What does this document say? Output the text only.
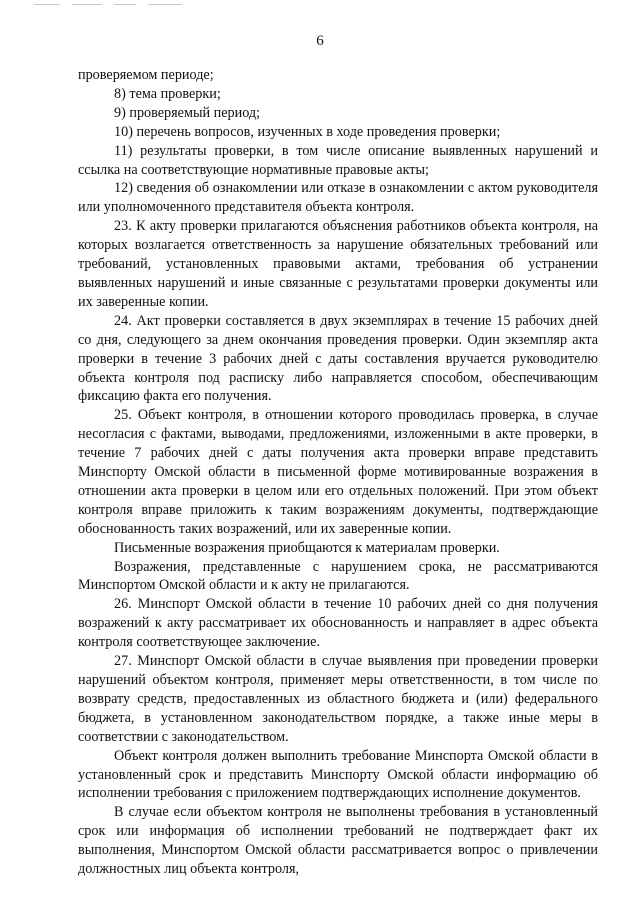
6

проверяемом периоде;

8) тема проверки;

9) проверяемый период;

10) перечень вопросов, изученных в ходе проведения проверки;

11) результаты проверки, в том числе описание выявленных нарушений и ссылка на соответствующие нормативные правовые акты;

12) сведения об ознакомлении или отказе в ознакомлении с актом руководителя или уполномоченного представителя объекта контроля.

23. К акту проверки прилагаются объяснения работников объекта контроля, на которых возлагается ответственность за нарушение обязательных требований или требований, установленных правовыми актами, требования об устранении выявленных нарушений и иные связанные с результатами проверки документы или их заверенные копии.

24. Акт проверки составляется в двух экземплярах в течение 15 рабочих дней со дня, следующего за днем окончания проведения проверки. Один экземпляр акта проверки в течение 3 рабочих дней с даты составления вручается руководителю объекта контроля под расписку либо направляется способом, обеспечивающим фиксацию факта его получения.

25. Объект контроля, в отношении которого проводилась проверка, в случае несогласия с фактами, выводами, предложениями, изложенными в акте проверки, в течение 7 рабочих дней с даты получения акта проверки вправе представить Минспорту Омской области в письменной форме мотивированные возражения в отношении акта проверки в целом или его отдельных положений. При этом объект контроля вправе приложить к таким возражениям документы, подтверждающие обоснованность таких возражений, или их заверенные копии.

Письменные возражения приобщаются к материалам проверки.

Возражения, представленные с нарушением срока, не рассматриваются Минспортом Омской области и к акту не прилагаются.

26. Минспорт Омской области в течение 10 рабочих дней со дня получения возражений к акту рассматривает их обоснованность и направляет в адрес объекта контроля соответствующее заключение.

27. Минспорт Омской области в случае выявления при проведении проверки нарушений объектом контроля, применяет меры ответственности, в том числе по возврату средств, предоставленных из областного бюджета и (или) федерального бюджета, в установленном законодательством порядке, а также иные меры в соответствии с законодательством.

Объект контроля должен выполнить требование Минспорта Омской области в установленный срок и представить Минспорту Омской области информацию об исполнении требования с приложением подтверждающих исполнение документов.

В случае если объектом контроля не выполнены требования в установленный срок или информация об исполнении требований не подтверждает факт их выполнения, Минспортом Омской области рассматривается вопрос о привлечении должностных лиц объекта контроля,
